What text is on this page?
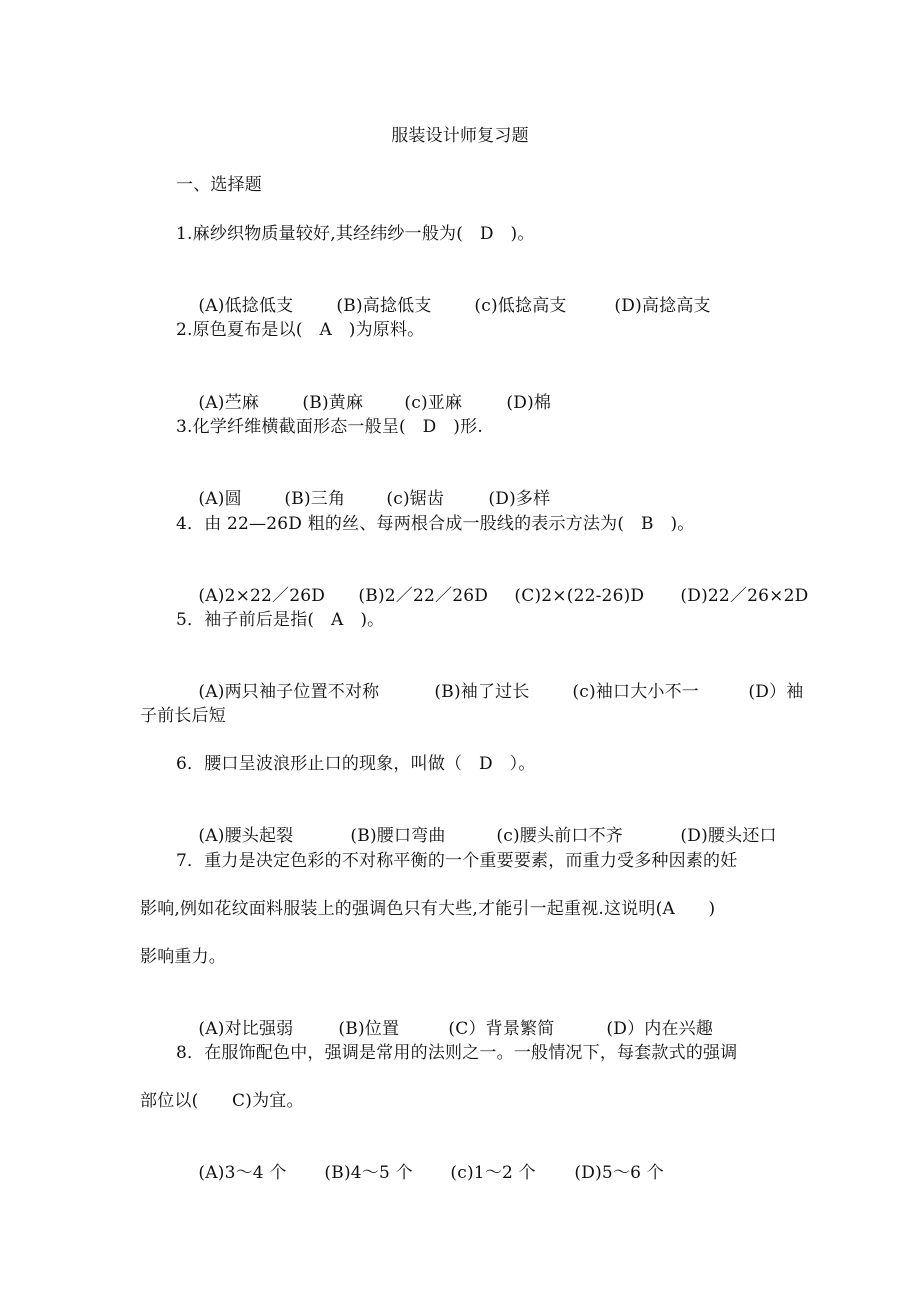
服装设计师复习题
一、选择题
1.麻纱织物质量较好,其经纬纱一般为(   D   )。

(A)低捻低支	(B)高捻低支	(c)低捻高支	(D)高捻高支

2.原色夏布是以(   A   )为原料。

(A)苎麻	(B)黄麻 (c)亚麻	(D)棉

3.化学纤维横截面形态一般呈(   D   )形.

(A)圆	(B)三角 (c)锯齿	(D)多样

4．由 22—26D 粗的丝、每两根合成一股线的表示方法为(   B   )。

(A)2×22／26D (B)2／22／26D (C)2×(22-26)D (D)22／26×2D

5．袖子前后是指(   A   )。

(A)两只袖子位置不对称	(B)袖了过长	(c)袖口大小不一	(D）袖

子前长后短
6．腰口呈波浪形止口的现象，叫做（   D   ）。

(A)腰头起裂	(B)腰口弯曲	(c)腰头前口不齐	(D)腰头还口

7．重力是决定色彩的不对称平衡的一个重要要素，而重力受多种因素的妊
影响,例如花纹面料服装上的强调色只有大些,才能引一起重视.这说明(A      )
影响重力。

(A)对比强弱	(B)位置	(C）背景繁简	(D）内在兴趣

8．在服饰配色中，强调是常用的法则之一。一般情况下，每套款式的强调
部位以(      C)为宜。

(A)3～4 个 (B)4～5 个 (c)1～2 个 (D)5～6 个
